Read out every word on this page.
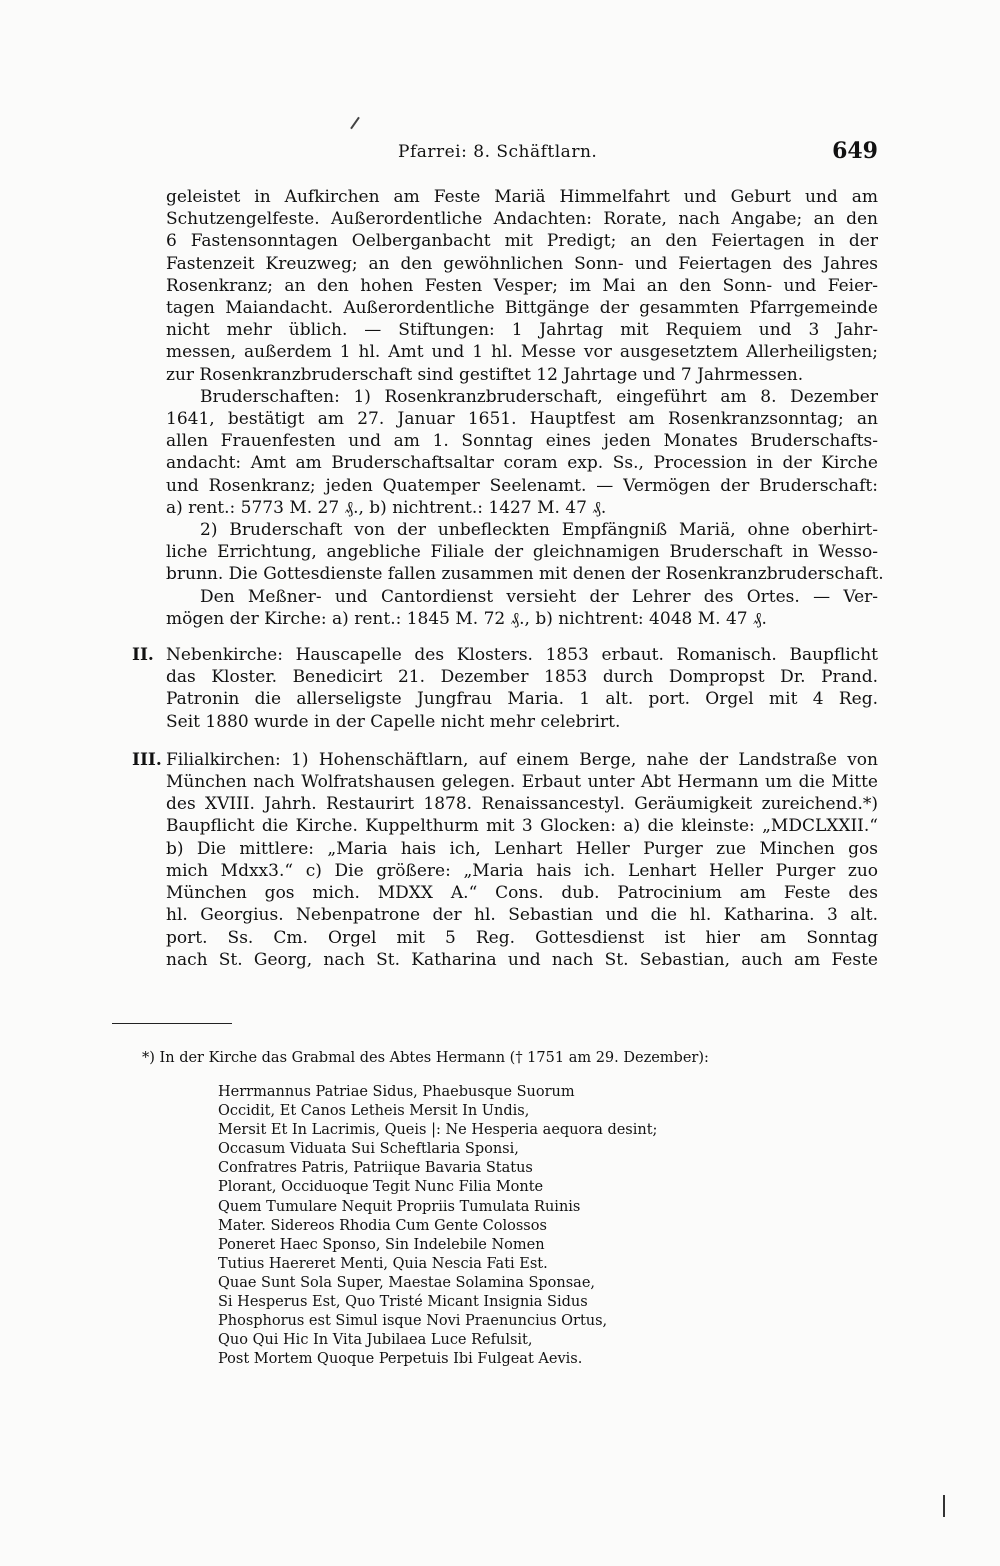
Pfarrei: 8. Schäftlarn.	649
geleistet in Aufkirchen am Feste Mariä Himmelfahrt und Geburt und am
Schutzengelfeste. Außerordentliche Andachten: Rorate, nach Angabe; an den
6 Fastensonntagen Oelberganbacht mit Predigt; an den Feiertagen in der
Fastenzeit Kreuzweg; an den gewöhnlichen Sonn- und Feiertagen des Jahres
Rosenkranz; an den hohen Festen Vesper; im Mai an den Sonn- und Feier-
tagen Maiandacht. Außerordentliche Bittgänge der gesammten Pfarrgemeinde
nicht mehr üblich. — Stiftungen: 1 Jahrtag mit Requiem und 3 Jahr-
messen, außerdem 1 hl. Amt und 1 hl. Messe vor ausgesetztem Allerheiligsten;
zur Rosenkranzbruderschaft sind gestiftet 12 Jahrtage und 7 Jahrmessen.
Bruderschaften: 1) Rosenkranzbruderschaft, eingeführt am 8. Dezember
1641, bestätigt am 27. Januar 1651. Hauptfest am Rosenkranzsonntag; an
allen Frauenfesten und am 1. Sonntag eines jeden Monates Bruderschafts-
andacht: Amt am Bruderschaftsaltar coram exp. Ss., Procession in der Kirche
und Rosenkranz; jeden Quatemper Seelenamt. — Vermögen der Bruderschaft:
a) rent.: 5773 M. 27 ₰., b) nichtrent.: 1427 M. 47 ₰.
2) Bruderschaft von der unbefleckten Empfängniß Mariä, ohne oberhirt-
liche Errichtung, angebliche Filiale der gleichnamigen Bruderschaft in Wesso-
brunn. Die Gottesdienste fallen zusammen mit denen der Rosenkranzbruderschaft.
Den Meßner- und Cantordienst versieht der Lehrer des Ortes. — Ver-
mögen der Kirche: a) rent.: 1845 M. 72 ₰., b) nichtrent: 4048 M. 47 ₰.
II. Nebenkirche: Hauscapelle des Klosters. 1853 erbaut. Romanisch. Baupflicht
das Kloster. Benedicirt 21. Dezember 1853 durch Dompropst Dr. Prand.
Patronin die allerseligste Jungfrau Maria. 1 alt. port. Orgel mit 4 Reg.
Seit 1880 wurde in der Capelle nicht mehr celebrirt.
III. Filialkirchen: 1) Hohenschäftlarn, auf einem Berge, nahe der Landstraße von
München nach Wolfratshausen gelegen. Erbaut unter Abt Hermann um die Mitte
des XVIII. Jahrh. Restaurirt 1878. Renaissancestyl. Geräumigkeit zureichend.*)
Baupflicht die Kirche. Kuppelthurm mit 3 Glocken: a) die kleinste: „MDCLXXII.“
b) Die mittlere: „Maria hais ich, Lenhart Heller Purger zue Minchen gos
mich Mdxx3.“ c) Die größere: „Maria hais ich. Lenhart Heller Purger zuo
München gos mich. MDXX A.“ Cons. dub. Patrocinium am Feste des
hl. Georgius. Nebenpatrone der hl. Sebastian und die hl. Katharina. 3 alt.
port. Ss. Cm. Orgel mit 5 Reg. Gottesdienst ist hier am Sonntag
nach St. Georg, nach St. Katharina und nach St. Sebastian, auch am Feste
*) In der Kirche das Grabmal des Abtes Hermann († 1751 am 29. Dezember):
Herrmannus Patriae Sidus, Phaebusque Suorum
Occidit, Et Canos Letheis Mersit In Undis,
Mersit Et In Lacrimis, Queis |: Ne Hesperia aequora desint;
Occasum Viduata Sui Scheftlaria Sponsi,
Confratres Patris, Patriique Bavaria Status
Plorant, Occiduoque Tegit Nunc Filia Monte
Quem Tumulare Nequit Propriis Tumulata Ruinis
Mater. Sidereos Rhodia Cum Gente Colossos
Poneret Haec Sponso, Sin Indelebile Nomen
Tutius Haereret Menti, Quia Nescia Fati Est.
Quae Sunt Sola Super, Maestae Solamina Sponsae,
Si Hesperus Est, Quo Tristé Micant Insignia Sidus
Phosphorus est Simul isque Novi Praenuncius Ortus,
Quo Qui Hic In Vita Jubilaea Luce Refulsit,
Post Mortem Quoque Perpetuis Ibi Fulgeat Aevis.
